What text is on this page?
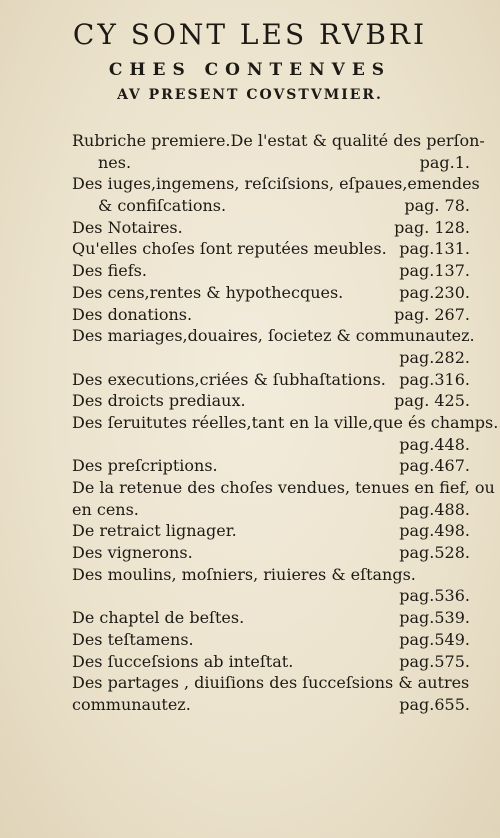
CY SONT LES RVBRI
CHES CONTENVES
AV PRESENT COVSTVMIER.
Rubriche premiere.De l'estat & qualité des perſon-
nes.	pag.1.
Des iuges,ingemens, reſciſsions, eſpaues,emendes
& confiſcations.	pag. 78.
Des Notaires.	pag. 128.
Qu'elles choſes ſont reputées meubles. pag.131.
Des fiefs.	pag.137.
Des cens,rentes & hypothecques.	pag.230.
Des donations.	pag. 267.
Des mariages,douaires, ſocietez & communautez.
pag.282.
Des executions,criées & ſubhaſtations. pag.316.
Des droicts prediaux.	pag. 425.
Des ſeruitutes réelles,tant en la ville,que és champs.
pag.448.
Des preſcriptions.	pag.467.
De la retenue des choſes vendues, tenues en fief, ou
en cens.	pag.488.
De retraict lignager.	pag.498.
Des vignerons.	pag.528.
Des moulins, moſniers, riuieres & eſtangs.
pag.536.
De chaptel de beſtes.	pag.539.
Des teſtamens.	pag.549.
Des ſucceſsions ab inteſtat.	pag.575.
Des partages , diuiſions des ſucceſsions & autres
communautez.	pag.655.
